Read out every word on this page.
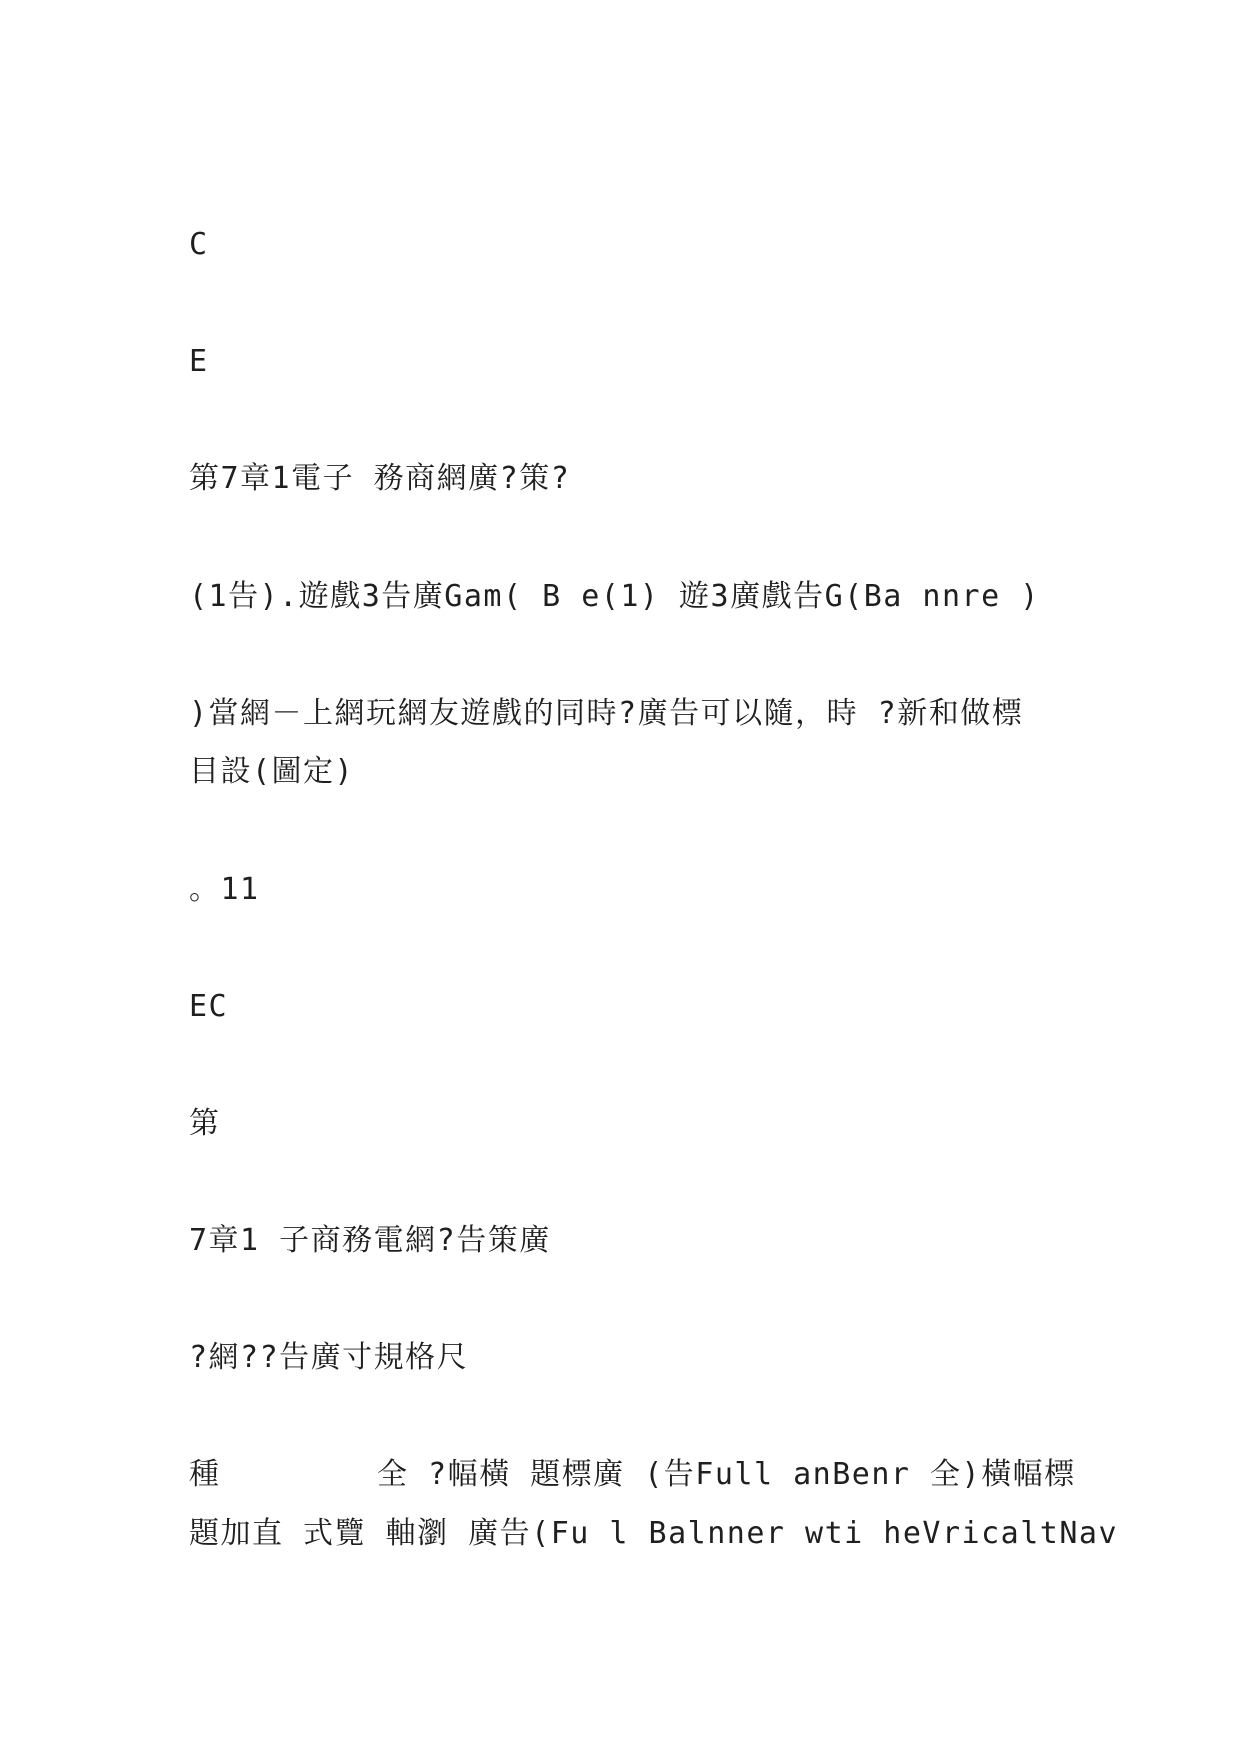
C
E
第7章1電子 務商網廣?策?
(1告).遊戲3告廣Gam( B e(1) 遊3廣戲告G(Ba nnre )
)當網－上網玩網友遊戲的同時?廣告可以隨，時 ?新和做標
目設(圖定)
。11
EC
第
7章1 子商務電網?告策廣
?網??告廣寸規格尺
種        全 ?幅橫 題標廣 (告Full anBenr 全)橫幅標
題加直 式覽 軸瀏 廣告(Fu l Balnner wti heVricaltNav
